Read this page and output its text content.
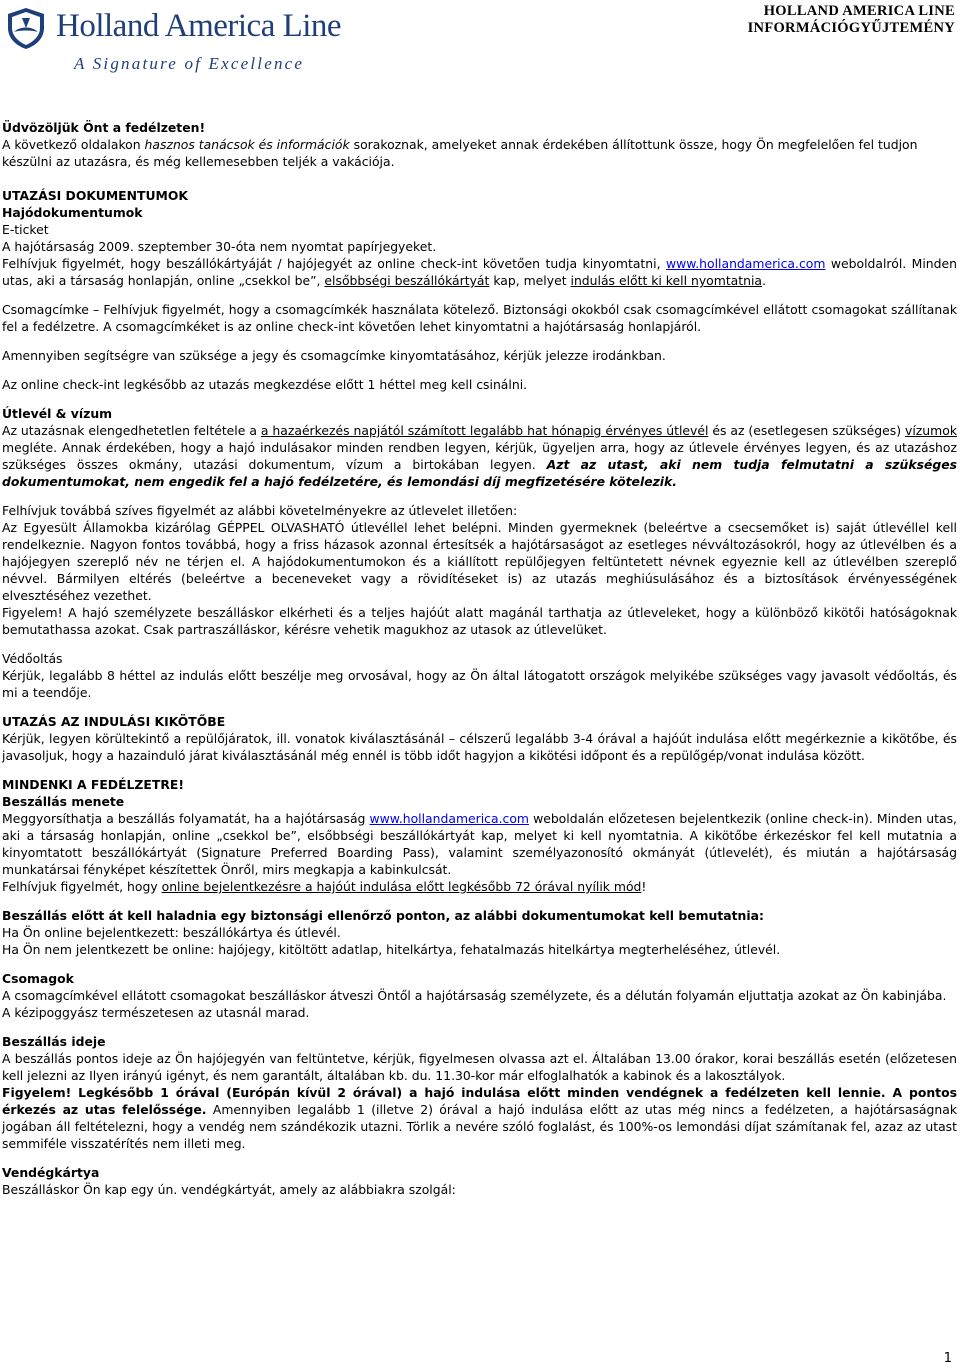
Holland America Line
A Signature of Excellence
HOLLAND AMERICA LINE
INFORMÁCIÓGYŰJTEMÉNY

Üdvözöljük Önt a fedélzeten!

A következő oldalakon hasznos tanácsok és információk sorakoznak, amelyeket annak érdekében állítottunk össze, hogy Ön megfelelően fel tudjon készülni az utazásra, és még kellemesebben teljék a vakációja.

UTAZÁSI DOKUMENTUMOK

Hajódokumentumok

E-ticket

A hajótársaság 2009. szeptember 30-óta nem nyomtat papírjegyeket.

Felhívjuk figyelmét, hogy beszállókártyáját / hajójegyét az online check-int követően tudja kinyomtatni, www.hollandamerica.com weboldalról. Minden utas, aki a társaság honlapján, online „csekkol be”, elsőbbségi beszállókártyát kap, melyet indulás előtt ki kell nyomtatnia.

Csomagcímke – Felhívjuk figyelmét, hogy a csomagcímkék használata kötelező. Biztonsági okokból csak csomagcímkével ellátott csomagokat szállítanak fel a fedélzetre. A csomagcímkéket is az online check-int követően lehet kinyomtatni a hajótársaság honlapjáról.

Amennyiben segítségre van szüksége a jegy és csomagcímke kinyomtatásához, kérjük jelezze irodánkban.

Az online check-int legkésőbb az utazás megkezdése előtt 1 héttel meg kell csinálni.

Útlevél & vízum

Az utazásnak elengedhetetlen feltétele a a hazaérkezés napjától számított legalább hat hónapig érvényes útlevél és az (esetlegesen szükséges) vízumok megléte. Annak érdekében, hogy a hajó indulásakor minden rendben legyen, kérjük, ügyeljen arra, hogy az útlevele érvényes legyen, és az utazáshoz szükséges összes okmány, utazási dokumentum, vízum a birtokában legyen. Azt az utast, aki nem tudja felmutatni a szükséges dokumentumokat, nem engedik fel a hajó fedélzetére, és lemondási díj megfizetésére kötelezik.

Felhívjuk továbbá szíves figyelmét az alábbi követelményekre az útlevelet illetően:

Az Egyesült Államokba kizárólag GÉPPEL OLVASHATÓ útlevéllel lehet belépni. Minden gyermeknek (beleértve a csecsemőket is) saját útlevéllel kell rendelkeznie. Nagyon fontos továbbá, hogy a friss házasok azonnal értesítsék a hajótársaságot az esetleges névváltozásokról, hogy az útlevélben és a hajójegyen szereplő név ne térjen el. A hajódokumentumokon és a kiállított repülőjegyen feltüntetett névnek egyeznie kell az útlevélben szereplő névvel. Bármilyen eltérés (beleértve a beceneveket vagy a rövidítéseket is) az utazás meghiúsulásához és a biztosítások érvényességének elvesztéséhez vezethet.

Figyelem! A hajó személyzete beszálláskor elkérheti és a teljes hajóút alatt magánál tarthatja az útleveleket, hogy a különböző kikötői hatóságoknak bemutathassa azokat. Csak partraszálláskor, kérésre vehetik magukhoz az utasok az útlevelüket.

Védőoltás

Kérjük, legalább 8 héttel az indulás előtt beszélje meg orvosával, hogy az Ön által látogatott országok melyikébe szükséges vagy javasolt védőoltás, és mi a teendője.

UTAZÁS AZ INDULÁSI KIKÖTŐBE

Kérjük, legyen körültekintő a repülőjáratok, ill. vonatok kiválasztásánál – célszerű legalább 3-4 órával a hajóút indulása előtt megérkeznie a kikötőbe, és javasoljuk, hogy a hazainduló járat kiválasztásánál még ennél is több időt hagyjon a kikötési időpont és a repülőgép/vonat indulása között.

MINDENKI A FEDÉLZETRE!

Beszállás menete

Meggyorsíthatja a beszállás folyamatát, ha a hajótársaság www.hollandamerica.com weboldalán előzetesen bejelentkezik (online check-in). Minden utas, aki a társaság honlapján, online „csekkol be”, elsőbbségi beszállókártyát kap, melyet ki kell nyomtatnia. A kikötőbe érkezéskor fel kell mutatnia a kinyomtatott beszállókártyát (Signature Preferred Boarding Pass), valamint személyazonosító okmányát (útlevelét), és miután a hajótársaság munkatársai fényképet készítettek Önről, mirs megkapja a kabinkulcsát.

Felhívjuk figyelmét, hogy online bejelentkezésre a hajóút indulása előtt legkésőbb 72 órával nyílik mód!

Beszállás előtt át kell haladnia egy biztonsági ellenőrző ponton, az alábbi dokumentumokat kell bemutatnia:

Ha Ön online bejelentkezett: beszállókártya és útlevél.

Ha Ön nem jelentkezett be online: hajójegy, kitöltött adatlap, hitelkártya, fehatalmazás hitelkártya megterheléséhez, útlevél.

Csomagok

A csomagcímkével ellátott csomagokat beszálláskor átveszi Öntől a hajótársaság személyzete, és a délután folyamán eljuttatja azokat az Ön kabinjába.

A kézipoggyász természetesen az utasnál marad.

Beszállás ideje

A beszállás pontos ideje az Ön hajójegyén van feltüntetve, kérjük, figyelmesen olvassa azt el. Általában 13.00 órakor, korai beszállás esetén (előzetesen kell jelezni az Ilyen irányú igényt, és nem garantált, általában kb. du. 11.30-kor már elfoglalhatók a kabinok és a lakosztályok.

Figyelem! Legkésőbb 1 órával (Európán kívül 2 órával) a hajó indulása előtt minden vendégnek a fedélzeten kell lennie. A pontos érkezés az utas felelőssége. Amennyiben legalább 1 (illetve 2) órával a hajó indulása előtt az utas még nincs a fedélzeten, a hajótársaságnak jogában áll feltételezni, hogy a vendég nem szándékozik utazni. Törlik a nevére szóló foglalást, és 100%-os lemondási díjat számítanak fel, azaz az utast semmiféle visszatérítés nem illeti meg.

Vendégkártya

Beszálláskor Ön kap egy ún. vendégkártyát, amely az alábbiakra szolgál:

1
